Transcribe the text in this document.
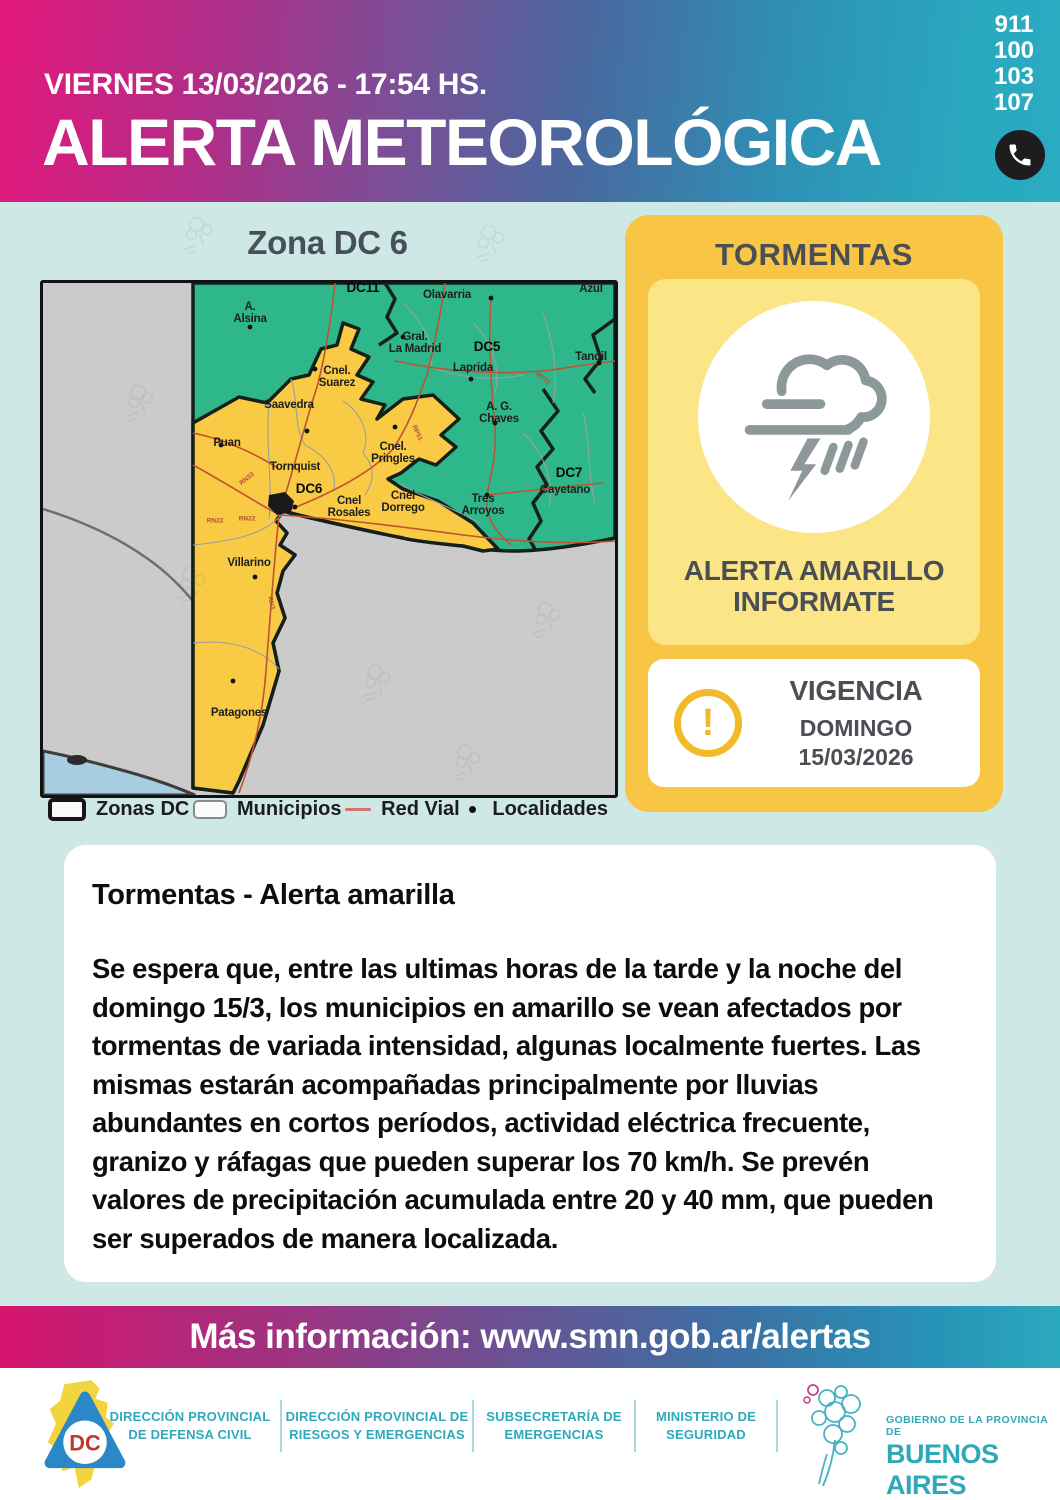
VIERNES 13/03/2026 - 17:54 HS.
ALERTA METEOROLÓGICA
911
100
103
107
Zona DC 6
DC11
Olavarria	Azul
A.
Alsina
Gral.
La Madrid DC5
Laprida
Tandil
Cnel.
Suarez
Saavedra
Puan
Tornquist
Cnel.
Pringles
A. G.
Chaves
DC7
Cayetano
Tres
Arroyos
DC6
Cnel
Rosales
Cnel
Dorrego
Villarino
Patagones
RN33
RN22 RN22
RN3
RP51
RP72
Zonas DC Municipios Red Vial Localidades
TORMENTAS
ALERTA AMARILLO
INFORMATE
!
VIGENCIA
DOMINGO
15/03/2026
Tormentas - Alerta amarilla
Se espera que, entre las ultimas horas de la tarde y la noche del domingo 15/3, los municipios en amarillo se vean afectados por tormentas de variada intensidad, algunas localmente fuertes. Las mismas estarán acompañadas principalmente por lluvias abundantes en cortos períodos, actividad eléctrica frecuente, granizo y ráfagas que pueden superar los 70 km/h. Se prevén valores de precipitación acumulada entre 20 y 40 mm, que pueden ser superados de manera localizada.
Más información: www.smn.gob.ar/alertas
DC
DIRECCIÓN PROVINCIAL
DE DEFENSA CIVIL
DIRECCIÓN PROVINCIAL DE
RIESGOS Y EMERGENCIAS
SUBSECRETARÍA DE
EMERGENCIAS
MINISTERIO DE
SEGURIDAD
GOBIERNO DE LA PROVINCIA DE
BUENOS AIRES
